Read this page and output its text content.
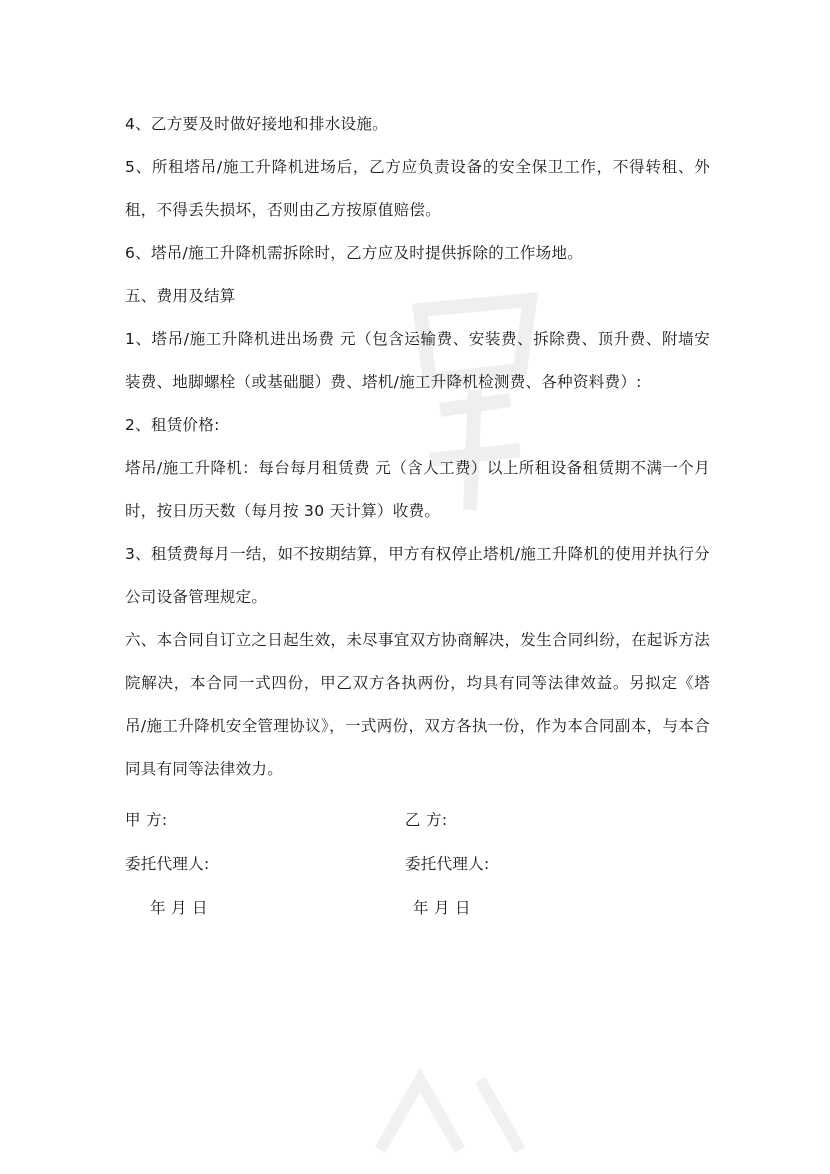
4、乙方要及时做好接地和排水设施。

5、所租塔吊/施工升降机进场后，乙方应负责设备的安全保卫工作，不得转租、外租，不得丢失损坏，否则由乙方按原值赔偿。

6、塔吊/施工升降机需拆除时，乙方应及时提供拆除的工作场地。

五、费用及结算

1、塔吊/施工升降机进出场费 元（包含运输费、安装费、拆除费、顶升费、附墙安装费、地脚螺栓（或基础腿）费、塔机/施工升降机检测费、各种资料费）:

2、租赁价格:

塔吊/施工升降机：每台每月租赁费 元（含人工费）以上所租设备租赁期不满一个月时，按日历天数（每月按 30 天计算）收费。

3、租赁费每月一结，如不按期结算，甲方有权停止塔机/施工升降机的使用并执行分公司设备管理规定。

六、本合同自订立之日起生效，未尽事宜双方协商解决，发生合同纠纷，在起诉方法院解决，本合同一式四份，甲乙双方各执两份，均具有同等法律效益。另拟定《塔吊/施工升降机安全管理协议》，一式两份，双方各执一份，作为本合同副本，与本合同具有同等法律效力。

甲 方:	乙 方:
委托代理人:	委托代理人:
年 月 日	年 月 日
